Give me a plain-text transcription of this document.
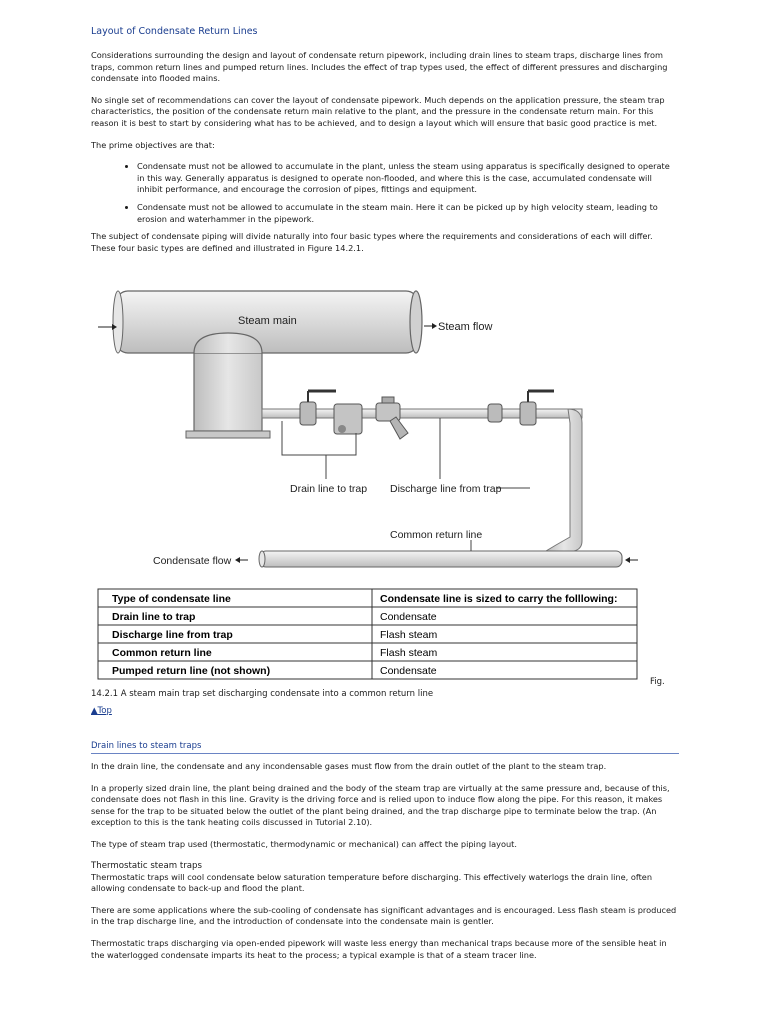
Layout of Condensate Return Lines

Considerations surrounding the design and layout of condensate return pipework, including drain lines to steam traps, discharge lines from traps, common return lines and pumped return lines. Includes the effect of trap types used, the effect of different pressures and discharging condensate into flooded mains.

No single set of recommendations can cover the layout of condensate pipework. Much depends on the application pressure, the steam trap characteristics, the position of the condensate return main relative to the plant, and the pressure in the condensate return main. For this reason it is best to start by considering what has to be achieved, and to design a layout which will ensure that basic good practice is met.

The prime objectives are that:

• Condensate must not be allowed to accumulate in the plant, unless the steam using apparatus is specifically designed to operate in this way. Generally apparatus is designed to operate non-flooded, and where this is the case, accumulated condensate will inhibit performance, and encourage the corrosion of pipes, fittings and equipment.
• Condensate must not be allowed to accumulate in the steam main. Here it can be picked up by high velocity steam, leading to erosion and waterhammer in the pipework.

The subject of condensate piping will divide naturally into four basic types where the requirements and considerations of each will differ. These four basic types are defined and illustrated in Figure 14.2.1.

Steam main	Steam flow
Drain line to trap Discharge line from trap
Common return line
Condensate flow
Type of condensate line	Condensate line is sized to carry the folllowing:
Drain line to trap	Condensate
Discharge line from trap	Flash steam
Common return line	Flash steam
Pumped return line (not shown)	Condensate
Fig.
14.2.1 A steam main trap set discharging condensate into a common return line
▲Top
Drain lines to steam traps

In the drain line, the condensate and any incondensable gases must flow from the drain outlet of the plant to the steam trap.

In a properly sized drain line, the plant being drained and the body of the steam trap are virtually at the same pressure and, because of this, condensate does not flash in this line. Gravity is the driving force and is relied upon to induce flow along the pipe. For this reason, it makes sense for the trap to be situated below the outlet of the plant being drained, and the trap discharge pipe to terminate below the trap. (An exception to this is the tank heating coils discussed in Tutorial 2.10).

The type of steam trap used (thermostatic, thermodynamic or mechanical) can affect the piping layout.

Thermostatic steam traps

Thermostatic traps will cool condensate below saturation temperature before discharging. This effectively waterlogs the drain line, often allowing condensate to back-up and flood the plant.

There are some applications where the sub-cooling of condensate has significant advantages and is encouraged. Less flash steam is produced in the trap discharge line, and the introduction of condensate into the condensate main is gentler.

Thermostatic traps discharging via open-ended pipework will waste less energy than mechanical traps because more of the sensible heat in the waterlogged condensate imparts its heat to the process; a typical example is that of a steam tracer line.
